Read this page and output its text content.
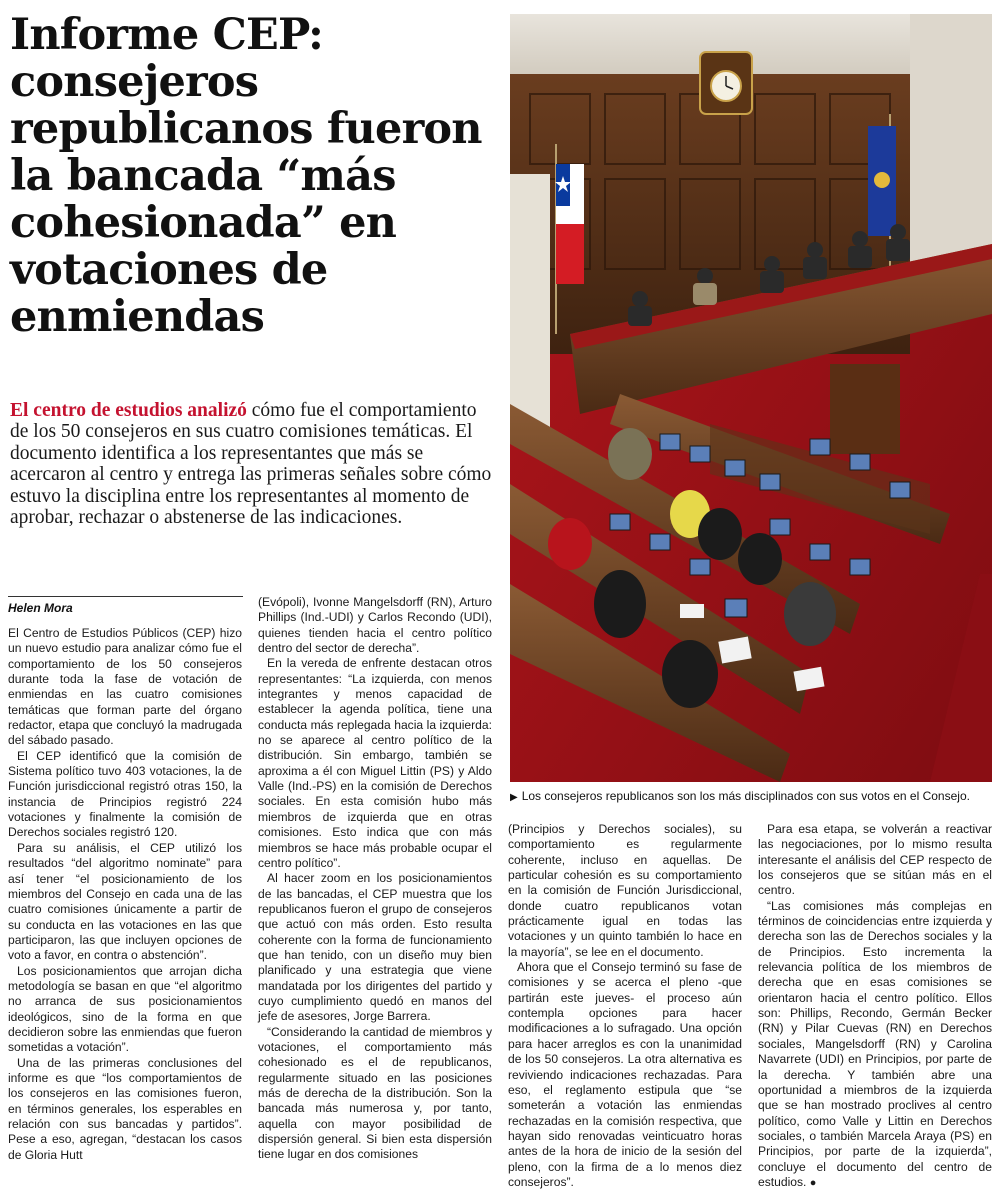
Informe CEP: consejeros republicanos fueron la bancada “más cohesionada” en votaciones de enmiendas

El centro de estudios analizó cómo fue el comportamiento de los 50 consejeros en sus cuatro comisiones temáticas. El documento identifica a los representantes que más se acercaron al centro y entrega las primeras señales sobre cómo estuvo la disciplina entre los representantes al momento de aprobar, rechazar o abstenerse de las indicaciones.

▶ Los consejeros republicanos son los más disciplinados con sus votos en el Consejo.

Helen Mora

El Centro de Estudios Públicos (CEP) hizo un nuevo estudio para analizar cómo fue el comportamiento de los 50 consejeros durante toda la fase de votación de enmiendas en las cuatro comisiones temáticas que forman parte del órgano redactor, etapa que concluyó la madrugada del sábado pasado.

El CEP identificó que la comisión de Sistema político tuvo 403 votaciones, la de Función jurisdiccional registró otras 150, la instancia de Principios registró 224 votaciones y finalmente la comisión de Derechos sociales registró 120.

Para su análisis, el CEP utilizó los resultados “del algoritmo nominate” para así tener “el posicionamiento de los miembros del Consejo en cada una de las cuatro comisiones únicamente a partir de su conducta en las votaciones en las que participaron, las que incluyen opciones de voto a favor, en contra o abstención”.

Los posicionamientos que arrojan dicha metodología se basan en que “el algoritmo no arranca de sus posicionamientos ideológicos, sino de la forma en que decidieron sobre las enmiendas que fueron sometidas a votación”.

Una de las primeras conclusiones del informe es que “los comportamientos de los consejeros en las comisiones fueron, en términos generales, los esperables en relación con sus bancadas y partidos”. Pese a eso, agregan, “destacan los casos de Gloria Hutt

(Evópoli), Ivonne Mangelsdorff (RN), Arturo Phillips (Ind.-UDI) y Carlos Recondo (UDI), quienes tienden hacia el centro político dentro del sector de derecha”.

En la vereda de enfrente destacan otros representantes: “La izquierda, con menos integrantes y menos capacidad de establecer la agenda política, tiene una conducta más replegada hacia la izquierda: no se aparece al centro político de la distribución. Sin embargo, también se aproxima a él con Miguel Littin (PS) y Aldo Valle (Ind.-PS) en la comisión de Derechos sociales. En esta comisión hubo más miembros de izquierda que en otras comisiones. Esto indica que con más miembros se hace más probable ocupar el centro político”.

Al hacer zoom en los posicionamientos de las bancadas, el CEP muestra que los republicanos fueron el grupo de consejeros que actuó con más orden. Esto resulta coherente con la forma de funcionamiento que han tenido, con un diseño muy bien planificado y una estrategia que viene mandatada por los dirigentes del partido y cuyo cumplimiento quedó en manos del jefe de asesores, Jorge Barrera.

“Considerando la cantidad de miembros y votaciones, el comportamiento más cohesionado es el de republicanos, regularmente situado en las posiciones más de derecha de la distribución. Son la bancada más numerosa y, por tanto, aquella con mayor posibilidad de dispersión general. Si bien esta dispersión tiene lugar en dos comisiones

(Principios y Derechos sociales), su comportamiento es regularmente coherente, incluso en aquellas. De particular cohesión es su comportamiento en la comisión de Función Jurisdiccional, donde cuatro republicanos votan prácticamente igual en todas las votaciones y un quinto también lo hace en la mayoría”, se lee en el documento.

Ahora que el Consejo terminó su fase de comisiones y se acerca el pleno -que partirán este jueves- el proceso aún contempla opciones para hacer modificaciones a lo sufragado. Una opción para hacer arreglos es con la unanimidad de los 50 consejeros. La otra alternativa es reviviendo indicaciones rechazadas. Para eso, el reglamento estipula que “se someterán a votación las enmiendas rechazadas en la comisión respectiva, que hayan sido renovadas veinticuatro horas antes de la hora de inicio de la sesión del pleno, con la firma de a lo menos diez consejeros”.

Para esa etapa, se volverán a reactivar las negociaciones, por lo mismo resulta interesante el análisis del CEP respecto de los consejeros que se sitúan más en el centro.

“Las comisiones más complejas en términos de coincidencias entre izquierda y derecha son las de Derechos sociales y la de Principios. Esto incrementa la relevancia política de los miembros de derecha que en esas comisiones se orientaron hacia el centro político. Ellos son: Phillips, Recondo, Germán Becker (RN) y Pilar Cuevas (RN) en Derechos sociales, Mangelsdorff (RN) y Carolina Navarrete (UDI) en Principios, por parte de la derecha. Y también abre una oportunidad a miembros de la izquierda que se han mostrado proclives al centro político, como Valle y Littin en Derechos sociales, o también Marcela Araya (PS) en Principios, por parte de la izquierda”, concluye el documento del centro de estudios. ●
